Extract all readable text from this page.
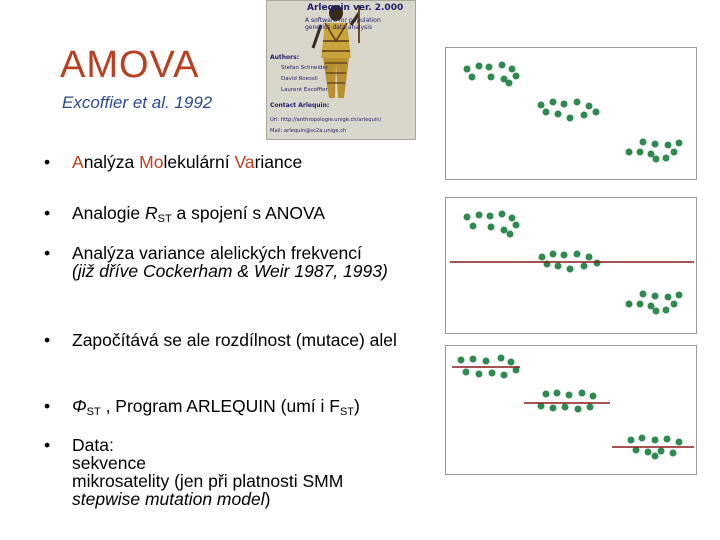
AMOVA
Excoffier et al. 1992
Arlequin ver. 2.000
A software for population genetics data analysis
Authors:
Stefan Schneider
David Roessli
Laurent Excoffier
Contact Arlequin:
Url: http://anthropologie.unige.ch/arlequin/
Mail: arlequin@sc2a.unige.ch
• Analýza Molekulární Variance
• Analogie $R_{ST}$ a spojení s ANOVA
• Analýza variance alelických frekvencí
(již dříve Cockerham & Weir 1987, 1993)
• Započítává se ale rozdílnost (mutace) alel
• $\Phi_{ST}$ , Program ARLEQUIN (umí i $F_{ST}$)
• Data:
sekvence
mikrosatelity (jen při platnosti SMM
stepwise mutation model)
